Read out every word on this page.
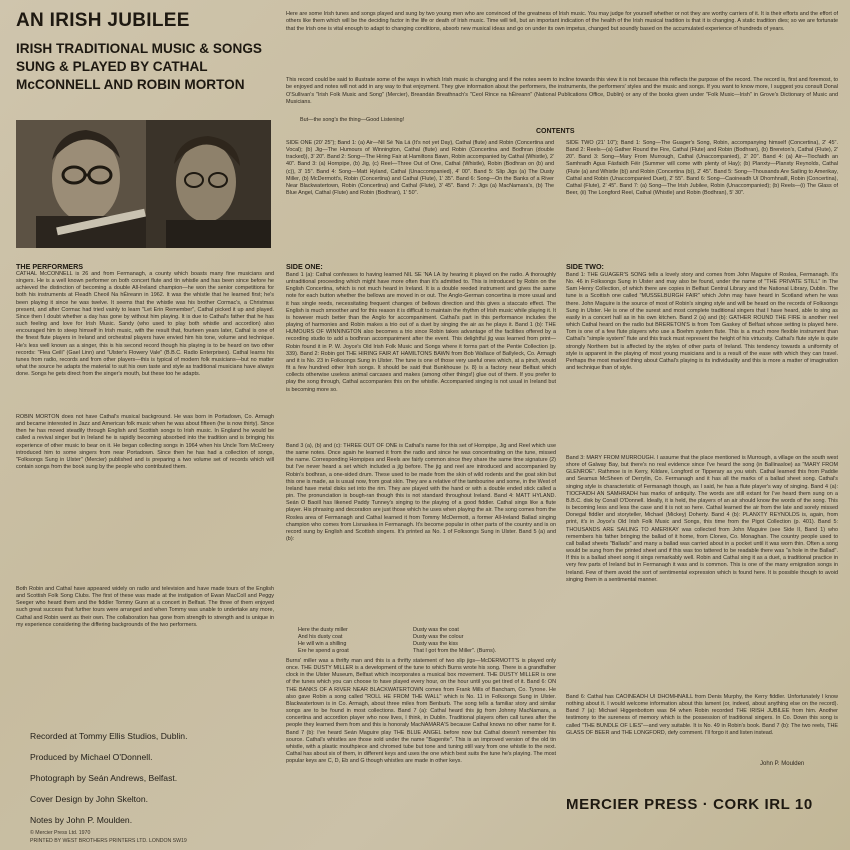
AN IRISH JUBILEE
IRISH TRADITIONAL MUSIC & SONGS SUNG & PLAYED BY CATHAL McCONNELL AND ROBIN MORTON
Here are some Irish tunes and songs played and sung by two young men who are convinced of the greatness of Irish music. You may judge for yourself whether or not they are worthy carriers of it. It is their efforts and the effort of others like them which will be the deciding factor in the life or death of Irish music. Time will tell, but an important indication of the health of the Irish musical tradition is that it is changing. A static tradition dies; so we are fortunate that the Irish one is vital enough to adapt to changing conditions, absorb new musical ideas and go on under its own impetus, changed but soundly based on the accumulated experience of hundreds of years.
This record could be said to illustrate some of the ways in which Irish music is changing and if the notes seem to incline towards this view it is not because this reflects the purpose of the record. The record is, first and foremost, to be enjoyed and notes will not add in any way to that enjoyment. They give information about the performers, the instruments, the performers' styles and the music and songs. If you want to know more, I suggest you consult Donal O'Sullivan's "Irish Folk Music and Song" (Mercier), Breandán Breathnach's "Ceol Rince na hÉireann" (National Publications Office, Dublin) or any of the books given under "Folk Music—Irish" in Grove's Dictionary of Music and Musicians.
But—the song's the thing—Good Listening!
CONTENTS
SIDE ONE (20' 25"); Band 1: (a) Air—Nil Sé 'Na Lá (It's not yet Day), Cathal (flute) and Robin (Concertina and Vocal); (b) Jig—The Humours of Winnington, Cathal (flute) and Robin (Concertina and Bodhran (double tracked)), 3' 20". Band 2: Song—The Hiring Fair at Hamiltons Bawn, Robin accompanied by Cathal (Whistle), 2' 40". Band 3: (a) Hornpipe, (b) Jig, (c) Reel—Three Out of One, Cathal (Whistle), Robin (Bodhran on (b) and (c)), 3' 15". Band 4: Song—Matt Hyland, Cathal (Unaccompanied), 4' 00". Band 5: Slip Jigs (a) The Dusty Miller, (b) McDermott's, Robin (Concertina) and Cathal (Flute), 1' 35". Band 6: Song—On the Banks of a River Near Blackwatertown, Robin (Concertina) and Cathal (Flute), 3' 45". Band 7: Jigs (a) MacNamara's, (b) The Blue Angel, Cathal (Flute) and Robin (Bodhran), 1' 50".
SIDE TWO (21' 10"); Band 1: Song—The Guager's Song, Robin, accompanying himself (Concertina), 2' 45". Band 2: Reels—(a) Gather Round the Fire, Cathal (Flute) and Robin (Bodhran), (b) Brereton's, Cathal (Flute), 2' 20". Band 3: Song—Mary From Murrough, Cathal (Unaccompanied), 2' 20". Band 4: (a) Air—Tiocfaidh an Samhradh Agus Fásfaidh Féir (Summer will come with plenty of Hay); (b) Planxty—Planxty Reynolds, Cathal (Flute (a) and Whistle (b)) and Robin (Concertina (b)), 2' 45". Band 5: Song—Thousands Are Sailing to Amerikay, Cathal and Robin (Unaccompanied Duet), 2' 55". Band 6: Song—Caoineadh Uí Dhomhnaill, Robin (Concertina), Cathal (Flute), 2' 45". Band 7: (a) Song—The Irish Jubilee, Robin (Unaccompanied); (b) Reels—(i) The Glass of Beer, (ii) The Longford Reel, Cathal (Whistle) and Robin (Bodhran), 5' 30".
THE PERFORMERS
CATHAL McCONNELL is 26 and from Fermanagh, a county which boasts many fine musicians and singers. He is a well known performer on both concert flute and tin whistle and has been since before he achieved the distinction of becoming a double All-Ireland champion—he won the senior competitions for both his instruments at Fleadh Cheoil Na hÉireann in 1962. It was the whistle that he learned first; he's been playing it since he was twelve. It seems that the whistle was his brother Cormac's, a Christmas present, and after Cormac had tried vainly to learn "Let Erin Remember", Cathal picked it up and played. Since then I doubt whether a day has gone by without him playing. It is due to Cathal's father that he has such feeling and love for Irish Music. Sandy (who used to play both whistle and accordion) also encouraged him to steep himself in Irish music, with the result that, fourteen years later, Cathal is one of the finest flute players in Ireland and orchestral players have envied him his tone, volume and technique. He's less well known as a singer, this is his second record though his playing is to be heard on two other records: "Flea Ceili" (Gael Linn) and "Ulster's Flowery Vale" (B.B.C. Radio Enterprises). Cathal learns his tunes from radio, records and from other players—this is typical of modern folk musicians—but no matter what the source he adapts the material to suit his own taste and style as traditional musicians have always done. Songs he gets direct from the singer's mouth, but these too he adapts.
ROBIN MORTON does not have Cathal's musical background. He was born in Portadown, Co. Armagh and became interested in Jazz and American folk music when he was about fifteen (he is now thirty). Since then he has moved steadily through English and Scottish songs to Irish music. In England he would be called a revival singer but in Ireland he is rapidly becoming absorbed into the tradition and is bringing his experience of other music to bear on it. He began collecting songs in 1964 when his Uncle Tom McCreery introduced him to some singers from near Portadown. Since then he has had a collection of songs, "Folksongs Sung in Ulster" (Mercier) published and is preparing a two volume set of records which will contain songs from the book sung by the people who contributed them.
Both Robin and Cathal have appeared widely on radio and television and have made tours of the English and Scottish Folk Song Clubs. The first of these was made at the instigation of Ewan MacColl and Peggy Seeger who heard them and the fiddler Tommy Gunn at a concert in Belfast. The three of them enjoyed such great success that further tours were arranged and when Tommy was unable to undertake any more, Cathal and Robin went as their own. The collaboration has gone from strength to strength and is unique in my experience considering the differing backgrounds of the two performers.
Recorded at Tommy Ellis Studios, Dublin.
Produced by Michael O'Donnell.
Photograph by Seán Andrews, Belfast.
Cover Design by John Skelton.
Notes by John P. Moulden.
© Mercier Press Ltd. 1970
PRINTED BY WEST BROTHERS PRINTERS LTD. LONDON SW19
SIDE ONE:
Band 1 (a): Cathal confesses to having learned NIL SÉ 'NA LÁ by hearing it played on the radio. A thoroughly untraditional proceeding which might have more often than it's admitted to. This is introduced by Robin on the English Concertina, which is not much heard in Ireland. It is a double reeded instrument and gives the same note for each button whether the bellows are moved in or out. The Anglo-German concertina is more usual and it has single reeds, necessitating frequent changes of bellows direction and this gives a staccato effect. The English is much smoother and for this reason it is difficult to maintain the rhythm of Irish music while playing it. It is however much better than the Anglo for accompaniment. Cathal's part in this performance includes the playing of harmonies and Robin makes a trio out of a duet by singing the air as he plays it. Band 1 (b): THE HUMOURS OF WINNINGTON also becomes a trio since Robin takes advantage of the facilities offered by a recording studio to add a bodhran accompaniment after the event. This delightful jig was learned from print—Robin found it in P. W. Joyce's Old Irish Folk Music and Songs where it forms part of the Pentie Collection (p. 339). Band 2: Robin got THE HIRING FAIR AT HAMILTONS BAWN from Bob Wallace of Ballyleck, Co. Armagh and it is No. 23 in Folksongs Sung in Ulster. The tune is one of those very useful ones which, at a pinch, would fit a few hundred other Irish songs. It should be said that Bunkhouse (v. 8) is a factory near Belfast which collects otherwise useless animal carcases and makes (among other things!) glue out of them. If you prefer to play the song through, Cathal accompanies this on the whistle. Accompanied singing is not usual in Ireland but is becoming more so.
Band 3 (a), (b) and (c): THREE OUT OF ONE is Cathal's name for this set of Hornpipe, Jig and Reel which use the same notes. Once again he learned it from the radio and since he was concentrating on the tune, missed the name. Corresponding Hornpipes and Reels are fairly common since they share the same time signature (2) but I've never heard a set which included a jig before. The jig and reel are introduced and accompanied by Robin's bodhran, a one-sided drum. These used to be made from the skin of wild rodents and the goat skin but this one is made, as is usual now, from goat skin. They are a relative of the tambourine and some, in the West of Ireland have metal disks set into the rim. They are played with the hand or with a double ended stick called a pin. The pronunciation is bough-ran though this is not standard throughout Ireland. Band 4: MATT HYLAND. Seán O Baoill has likened Paddy Tunney's singing to the playing of a good fiddler. Cathal sings like a flute player. His phrasing and decoration are just those which he uses when playing the air. The song comes from the Roslea area of Fermanagh and Cathal learned it from Tommy McDermott, a former All-Ireland Ballad singing champion who comes from Lisnaskea in Fermanagh. It's become popular in other parts of the country and is on record sung by English and Scottish singers. It's printed as No. 1 of Folksongs Sung in Ulster. Band 5 (a) and (b):
Here the dusty miller	Dusty was the coat
And his dusty coat	Dusty was the colour
He will win a shilling	Dusty was the kiss
Ere he spend a groat	That I got from the Miller". (Burns).
Burns' miller was a thrifty man and this is a thrifty statement of two slip jigs—McDERMOTT'S is played only once. THE DUSTY MILLER is a development of the tune to which Burns wrote his song. There is a grandfather clock in the Ulster Museum, Belfast which incorporates a musical box movement. THE DUSTY MILLER is one of the tunes which you can choose to have played every hour, on the hour until you get tired of it. Band 6: ON THE BANKS OF A RIVER NEAR BLACKWATERTOWN comes from Frank Mills of Bancham, Co. Tyrone. He also gave Robin a song called "ROLL HE FROM THE WALL" which is No. 11 in Folksongs Sung in Ulster. Blackwatertown is in Co. Armagh, about three miles from Benburb. The song tells a familiar story and similar songs are to be found in most collections. Band 7 (a): Cathal heard this jig from Johnny MacNamara, a concertina and accordion player who now lives, I think, in Dublin. Traditional players often call tunes after the people they learned them from and this is honoraly MacNAMARA'S because Cathal knows no other name for it. Band 7 (b): I've heard Seán Maguire play THE BLUE ANGEL before now but Cathal doesn't remember his source. Cathal's whistles are those sold under the name "Bagenite". This is an improved version of the old tin whistle, with a plastic mouthpiece and chromed tube but tone and tuning still vary from one whistle to the next. Cathal has about six of them, in different keys and uses the one which best suits the tune he's playing. The most popular keys are C, D, Eb and G though whistles are made in other keys.
SIDE TWO:
Band 1: THE GUAGER'S SONG tells a lovely story and comes from John Maguire of Roslea, Fermanagh. It's No. 46 in Folksongs Sung in Ulster and may also be found, under the name of "THE PRIVATE STILL" in The Sam Henry Collection, of which there are copies in Belfast Central Library and the National Library, Dublin. The tune is a Scottish one called "MUSSELBURGH FAIR" which John may have heard in Scotland when he was there. John Maguire is the source of most of Robin's singing style and will be heard on the records of Folksongs Sung in Ulster. He is one of the surest and most complete traditional singers that I have heard, able to sing as easily in a concert hall as in his own kitchen. Band 2 (a) and (b): GATHER ROUND THE FIRE is another reel which Cathal heard on the radio but BRERETON'S is from Tom Gaskey of Belfast whose setting is played here. Tom is one of a few flute players who use a Boehm system flute. This is a much more flexible instrument than Cathal's "simple system" flute and this track must represent the height of his virtuosity. Cathal's flute style is quite strongly Northern but is affected by the styles of other parts of Ireland. This tendency towards a uniformity of style is apparent in the playing of most young musicians and is a result of the ease with which they can travel. Perhaps the most marked thing about Cathal's playing is its individuality and this is more a matter of imagination and technique than of style.
Band 3: MARY FROM MURROUGH. I assume that the place mentioned is Murrough, a village on the south west shore of Galway Bay, but there's no real evidence since I've heard the song (in Ballinasloe) as "MARY FROM GLENROE". Rathmoe is in Kerry, Kildare, Longford or Tipperary as you wish. Cathal learned this from Paddie and Seamus McSheen of Derrylin, Co. Fermanagh and it has all the marks of a ballad sheet song. Cathal's singing style is characteristic of Fermanagh though, as I said, he has a flute player's way of singing. Band 4 (a): TIOCFAIDH AN SAMHRADH has marks of antiquity. The words are still extant for I've heard them sung on a B.B.C. disk by Conall O'Donnell. Ideally, it is held, the players of an air should know the words of the song. This is becoming less and less the case and it is not so here. Cathal learned the air from the late and sorely missed Donegal fiddler and storyteller, Michael (Mickey) Doherty. Band 4 (b): PLANXTY REYNOLDS is, again, from print, it's in Joyce's Old Irish Folk Music and Songs, this time from the Pigot Collection (p. 401). Band 5: THOUSANDS ARE SAILING TO AMERIKAY was collected from John Maguire (see Side II, Band 1) who remembers his father bringing the ballad of it home, from Clones, Co. Monaghan. The country people used to call ballad sheets "Ballads" and many a ballad was carried about in a pocket until it was worn thin. Often a song would be sung from the printed sheet and if this was too tattered to be readable there was "a hole in the Ballad". If this is a ballad sheet song it sings remarkably well. Robin and Cathal sing it as a duet, a traditional practice in very few parts of Ireland but in Fermanagh it was and is common. This is one of the many emigration songs in Ireland. Few of them avoid the sort of sentimental expression which is found here. It is possible though to avoid singing them in a sentimental manner.
Band 6: Cathal has CAOINEADH UÍ DHOMHNAILL from Denis Murphy, the Kerry fiddler. Unfortunately I know nothing about it. I would welcome information about this lament (or, indeed, about anything else on the record). Band 7 (a): Michael Higgenbottom was 84 when Robin recorded THE IRISH JUBILEE from him. Another testimony to the sureness of memory which is the possession of traditional singers. In Co. Down this song is called "THE BUNDLE OF LIES"—and very suitable. It is No. 49 in Robin's book. Band 7 (b): The two reels, THE GLASS OF BEER and THE LONGFORD, defy comment. I'll forgo it and listen instead.
John P. Moulden
MERCIER PRESS · CORK IRL 10
